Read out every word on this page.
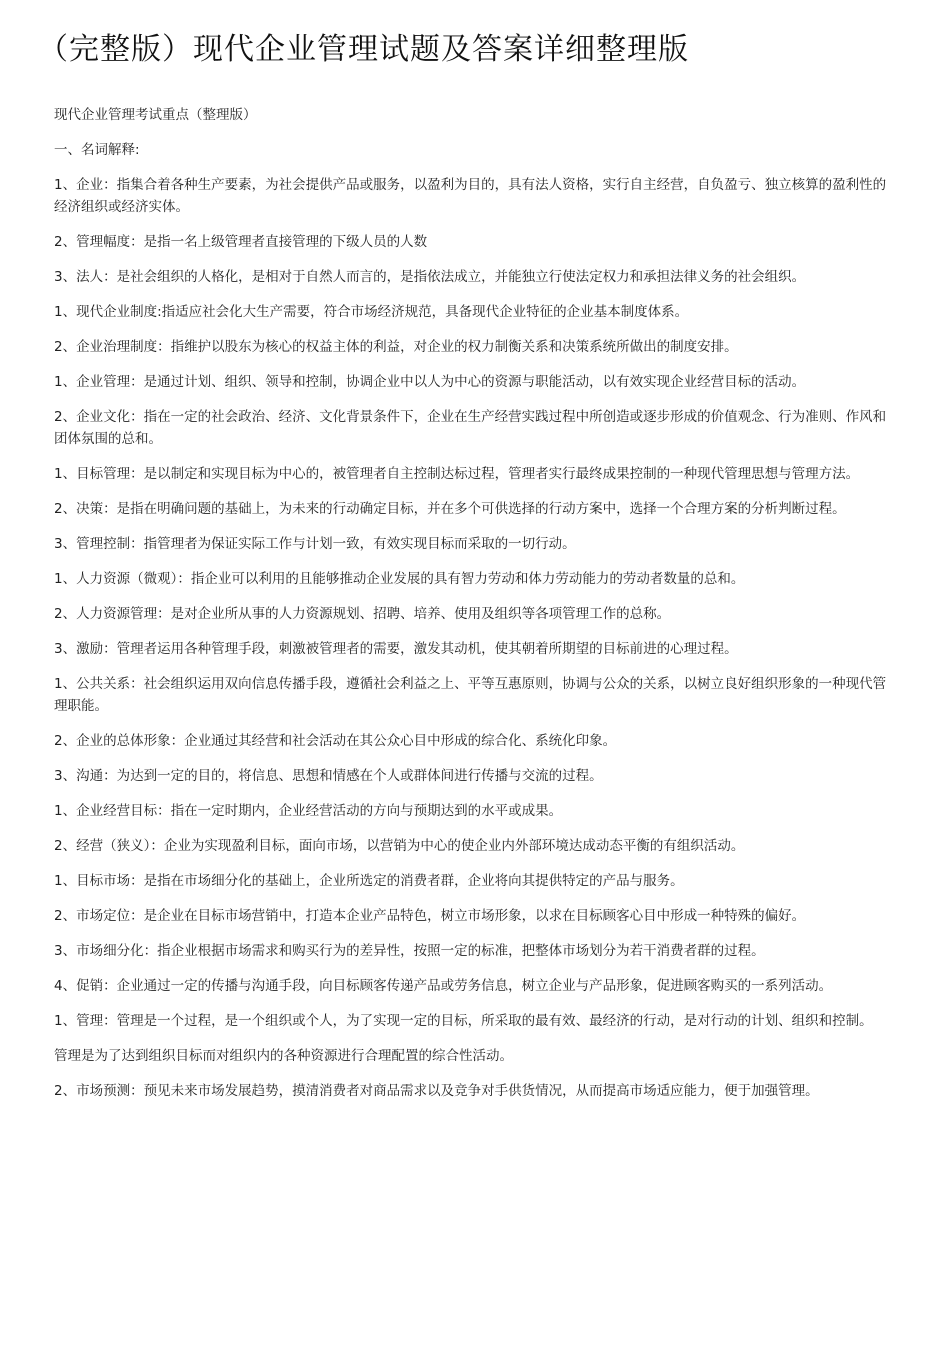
（完整版）现代企业管理试题及答案详细整理版

现代企业管理考试重点（整理版）

一、名词解释:

1、企业：指集合着各种生产要素，为社会提供产品或服务，以盈利为目的，具有法人资格，实行自主经营，自负盈亏、独立核算的盈利性的经济组织或经济实体。

2、管理幅度：是指一名上级管理者直接管理的下级人员的人数

3、法人：是社会组织的人格化，是相对于自然人而言的，是指依法成立，并能独立行使法定权力和承担法律义务的社会组织。

1、现代企业制度:指适应社会化大生产需要，符合市场经济规范，具备现代企业特征的企业基本制度体系。

2、企业治理制度：指维护以股东为核心的权益主体的利益，对企业的权力制衡关系和决策系统所做出的制度安排。

1、企业管理：是通过计划、组织、领导和控制，协调企业中以人为中心的资源与职能活动，以有效实现企业经营目标的活动。

2、企业文化：指在一定的社会政治、经济、文化背景条件下，企业在生产经营实践过程中所创造或逐步形成的价值观念、行为准则、作风和团体氛围的总和。

1、目标管理：是以制定和实现目标为中心的，被管理者自主控制达标过程，管理者实行最终成果控制的一种现代管理思想与管理方法。

2、决策：是指在明确问题的基础上，为未来的行动确定目标，并在多个可供选择的行动方案中，选择一个合理方案的分析判断过程。

3、管理控制：指管理者为保证实际工作与计划一致，有效实现目标而采取的一切行动。

1、人力资源（微观）：指企业可以利用的且能够推动企业发展的具有智力劳动和体力劳动能力的劳动者数量的总和。

2、人力资源管理：是对企业所从事的人力资源规划、招聘、培养、使用及组织等各项管理工作的总称。

3、激励：管理者运用各种管理手段，刺激被管理者的需要，激发其动机，使其朝着所期望的目标前进的心理过程。

1、公共关系：社会组织运用双向信息传播手段，遵循社会利益之上、平等互惠原则，协调与公众的关系，以树立良好组织形象的一种现代管理职能。

2、企业的总体形象：企业通过其经营和社会活动在其公众心目中形成的综合化、系统化印象。

3、沟通：为达到一定的目的，将信息、思想和情感在个人或群体间进行传播与交流的过程。

1、企业经营目标：指在一定时期内，企业经营活动的方向与预期达到的水平或成果。

2、经营（狭义）：企业为实现盈利目标，面向市场，以营销为中心的使企业内外部环境达成动态平衡的有组织活动。

1、目标市场：是指在市场细分化的基础上，企业所选定的消费者群，企业将向其提供特定的产品与服务。

2、市场定位：是企业在目标市场营销中，打造本企业产品特色，树立市场形象，以求在目标顾客心目中形成一种特殊的偏好。

3、市场细分化：指企业根据市场需求和购买行为的差异性，按照一定的标准，把整体市场划分为若干消费者群的过程。

4、促销：企业通过一定的传播与沟通手段，向目标顾客传递产品或劳务信息，树立企业与产品形象，促进顾客购买的一系列活动。

1、管理：管理是一个过程，是一个组织或个人，为了实现一定的目标，所采取的最有效、最经济的行动，是对行动的计划、组织和控制。

管理是为了达到组织目标而对组织内的各种资源进行合理配置的综合性活动。

2、市场预测：预见未来市场发展趋势，摸清消费者对商品需求以及竞争对手供货情况，从而提高市场适应能力，便于加强管理。
